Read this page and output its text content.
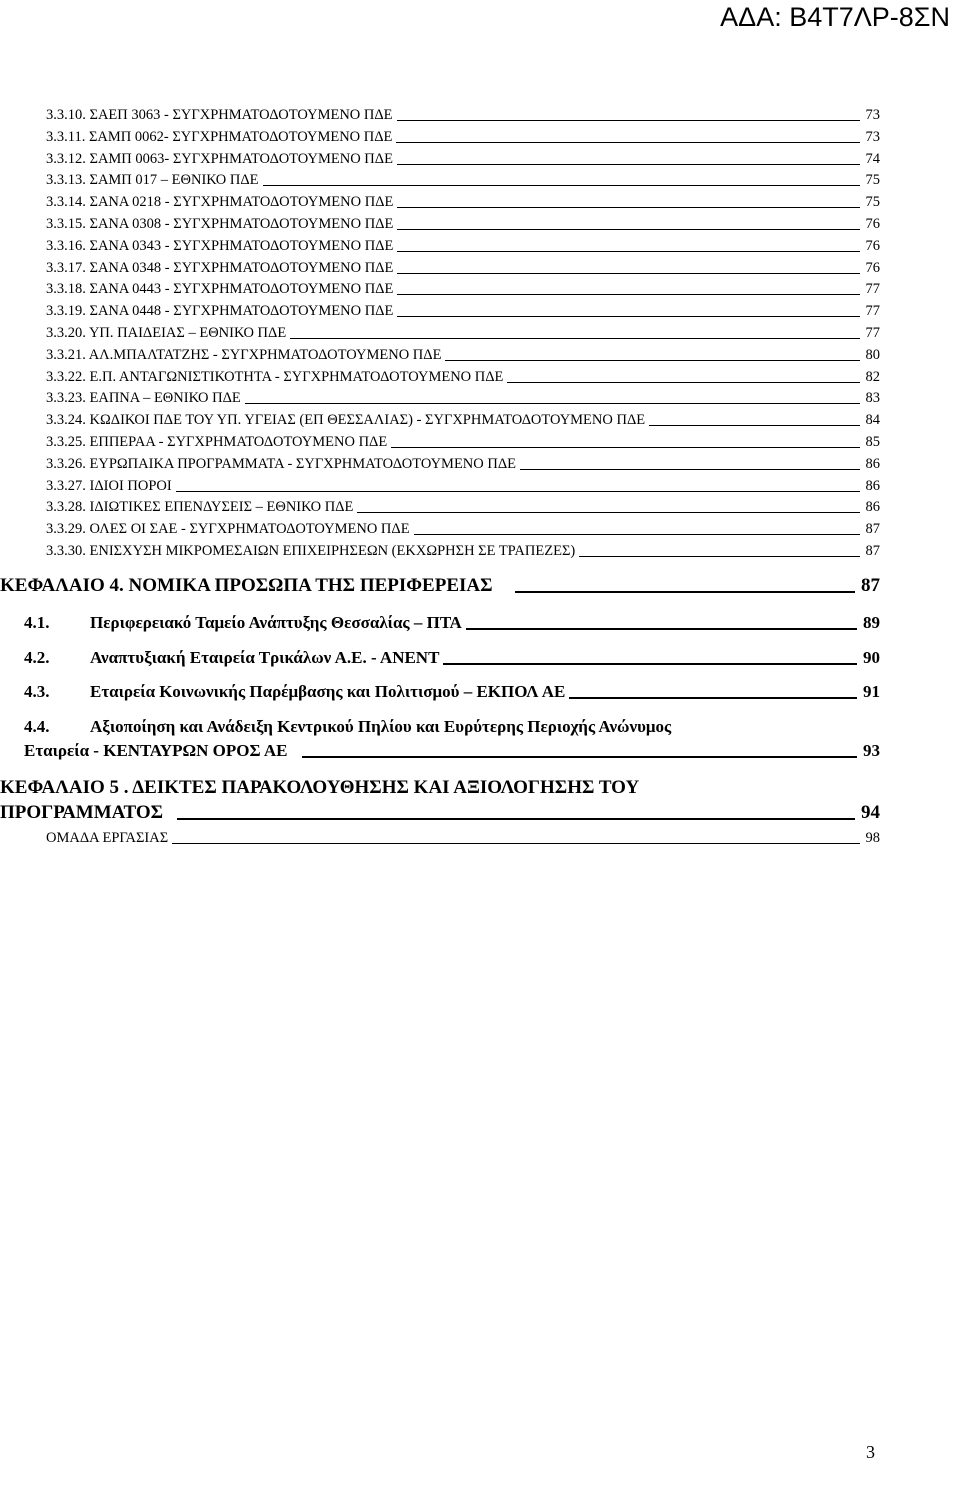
ΑΔΑ: Β4Τ7ΛΡ-8ΣΝ
3.3.10. ΣΑΕΠ 3063 - ΣΥΓΧΡΗΜΑΤΟΔΟΤΟΥΜΕΝΟ ΠΔΕ	73
3.3.11. ΣΑΜΠ 0062- ΣΥΓΧΡΗΜΑΤΟΔΟΤΟΥΜΕΝΟ ΠΔΕ	73
3.3.12. ΣΑΜΠ 0063- ΣΥΓΧΡΗΜΑΤΟΔΟΤΟΥΜΕΝΟ ΠΔΕ	74
3.3.13. ΣΑΜΠ 017 – ΕΘΝΙΚΟ ΠΔΕ	75
3.3.14. ΣΑΝΑ 0218 - ΣΥΓΧΡΗΜΑΤΟΔΟΤΟΥΜΕΝΟ ΠΔΕ	75
3.3.15. ΣΑΝΑ 0308 - ΣΥΓΧΡΗΜΑΤΟΔΟΤΟΥΜΕΝΟ ΠΔΕ	76
3.3.16. ΣΑΝΑ 0343 - ΣΥΓΧΡΗΜΑΤΟΔΟΤΟΥΜΕΝΟ ΠΔΕ	76
3.3.17. ΣΑΝΑ 0348 - ΣΥΓΧΡΗΜΑΤΟΔΟΤΟΥΜΕΝΟ ΠΔΕ	76
3.3.18. ΣΑΝΑ 0443 - ΣΥΓΧΡΗΜΑΤΟΔΟΤΟΥΜΕΝΟ ΠΔΕ	77
3.3.19. ΣΑΝΑ 0448 - ΣΥΓΧΡΗΜΑΤΟΔΟΤΟΥΜΕΝΟ ΠΔΕ	77
3.3.20. ΥΠ. ΠΑΙΔΕΙΑΣ – ΕΘΝΙΚΟ ΠΔΕ	77
3.3.21. ΑΛ.ΜΠΑΛΤΑΤΖΗΣ - ΣΥΓΧΡΗΜΑΤΟΔΟΤΟΥΜΕΝΟ ΠΔΕ	80
3.3.22. Ε.Π. ΑΝΤΑΓΩΝΙΣΤΙΚΟΤΗΤΑ - ΣΥΓΧΡΗΜΑΤΟΔΟΤΟΥΜΕΝΟ ΠΔΕ	82
3.3.23. ΕΑΠΝΑ – ΕΘΝΙΚΟ ΠΔΕ	83
3.3.24. ΚΩΔΙΚΟΙ ΠΔΕ ΤΟΥ ΥΠ. ΥΓΕΙΑΣ (ΕΠ ΘΕΣΣΑΛΙΑΣ) - ΣΥΓΧΡΗΜΑΤΟΔΟΤΟΥΜΕΝΟ ΠΔΕ	84
3.3.25. ΕΠΠΕΡΑΑ - ΣΥΓΧΡΗΜΑΤΟΔΟΤΟΥΜΕΝΟ ΠΔΕ	85
3.3.26. ΕΥΡΩΠΑΙΚΑ ΠΡΟΓΡΑΜΜΑΤΑ - ΣΥΓΧΡΗΜΑΤΟΔΟΤΟΥΜΕΝΟ ΠΔΕ	86
3.3.27. ΙΔΙΟΙ ΠΟΡΟΙ	86
3.3.28. ΙΔΙΩΤΙΚΕΣ ΕΠΕΝΔΥΣΕΙΣ – ΕΘΝΙΚΟ ΠΔΕ	86
3.3.29. ΟΛΕΣ ΟΙ ΣΑΕ - ΣΥΓΧΡΗΜΑΤΟΔΟΤΟΥΜΕΝΟ ΠΔΕ	87
3.3.30. ΕΝΙΣΧΥΣΗ ΜΙΚΡΟΜΕΣΑΙΩΝ ΕΠΙΧΕΙΡΗΣΕΩΝ (ΕΚΧΩΡΗΣΗ ΣΕ ΤΡΑΠΕΖΕΣ)	87
ΚΕΦΑΛΑΙΟ 4. ΝΟΜΙΚΑ ΠΡΟΣΩΠΑ ΤΗΣ ΠΕΡΙΦΕΡΕΙΑΣ	87
4.1. Περιφερειακό Ταμείο Ανάπτυξης Θεσσαλίας – ΠΤΑ	89
4.2. Αναπτυξιακή Εταιρεία Τρικάλων Α.Ε. - ΑΝΕΝΤ	90
4.3. Εταιρεία Κοινωνικής Παρέμβασης και Πολιτισμού – ΕΚΠΟΛ ΑΕ	91
4.4. Αξιοποίηση και Ανάδειξη Κεντρικού Πηλίου και Ευρύτερης Περιοχής Ανώνυμος
Εταιρεία - ΚΕΝΤΑΥΡΩΝ ΟΡΟΣ ΑΕ	93
ΚΕΦΑΛΑΙΟ 5 . ΔΕΙΚΤΕΣ ΠΑΡΑΚΟΛΟΥΘΗΣΗΣ ΚΑΙ ΑΞΙΟΛΟΓΗΣΗΣ ΤΟΥ
ΠΡΟΓΡΑΜΜΑΤΟΣ	94
ΟΜΑΔΑ ΕΡΓΑΣΙΑΣ	98
3
